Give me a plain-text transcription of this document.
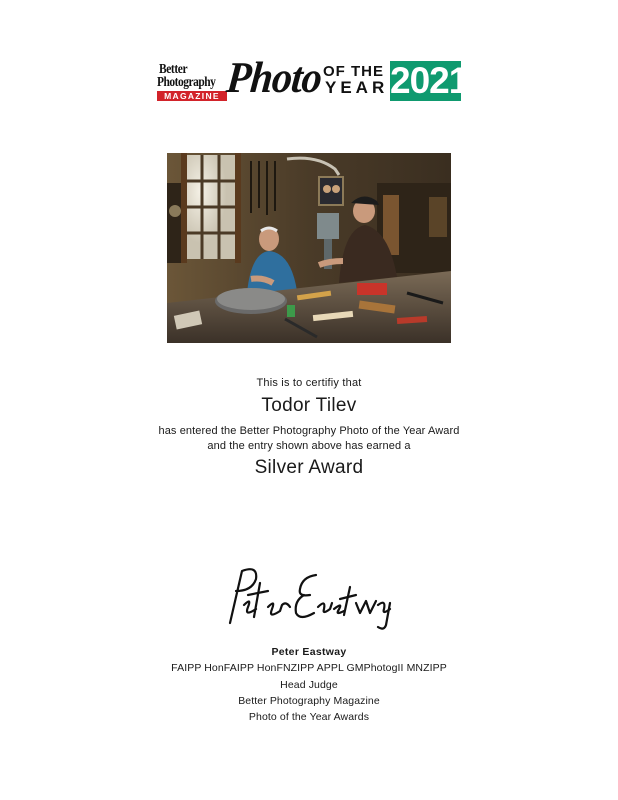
Better
Photography
MAGAZINE Photo OF THE
YEAR 2021
This is to certifiy that
Todor Tilev
has entered the Better Photography Photo of the Year Award
and the entry shown above has earned a
Silver Award
Peter Eastway
FAIPP HonFAIPP HonFNZIPP APPL GMPhotogII MNZIPP
Head Judge
Better Photography Magazine
Photo of the Year Awards
